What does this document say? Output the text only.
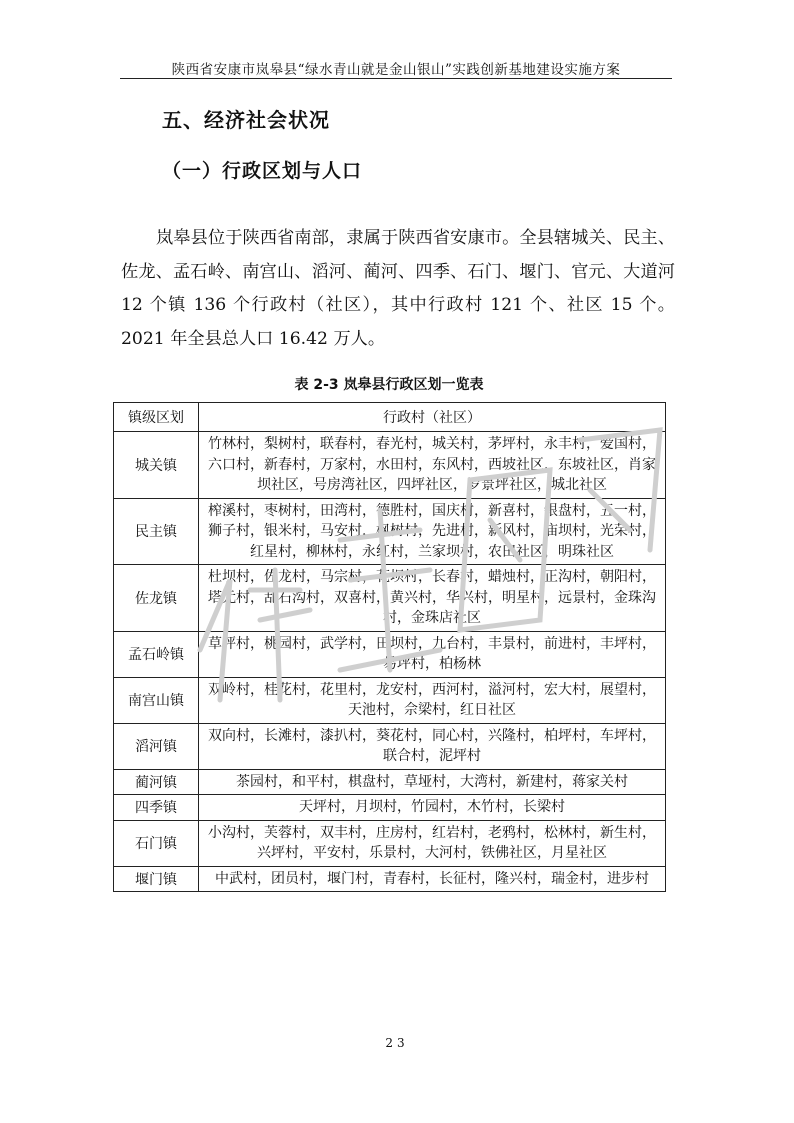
陕西省安康市岚皋县“绿水青山就是金山银山”实践创新基地建设实施方案
五、经济社会状况
（一）行政区划与人口

岚皋县位于陕西省南部，隶属于陕西省安康市。全县辖城关、民主、佐龙、孟石岭、南宫山、滔河、蔺河、四季、石门、堰门、官元、大道河 12 个镇 136 个行政村（社区），其中行政村 121 个、社区 15 个。2021 年全县总人口 16.42 万人。

表 2-3 岚皋县行政区划一览表
镇级区划	行政村（社区）
城关镇	竹林村，梨树村，联春村，春光村，城关村，茅坪村，永丰村，爱国村，六口村，新春村，万家村，水田村，东风村，西坡社区，东坡社区，肖家坝社区，号房湾社区，四坪社区，罗景坪社区，城北社区
民主镇	榨溪村，枣树村，田湾村，德胜村，国庆村，新喜村，银盘村，五一村，狮子村，银米村，马安村，枫树村，先进村，新风村，庙坝村，光荣村，红星村，柳林村，永红村，兰家坝村，农田社区，明珠社区
佐龙镇	杜坝村，佐龙村，马宗村，花坝村，长春村，蜡烛村，正沟村，朝阳村，塔元村，乱石沟村，双喜村，黄兴村，华兴村，明星村，远景村，金珠沟村，金珠店社区
孟石岭镇	草坪村，桃园村，武学村，田坝村，九台村，丰景村，前进村，丰坪村，易坪村，柏杨林
南宫山镇	双岭村，桂花村，花里村，龙安村，西河村，溢河村，宏大村，展望村，天池村，佘梁村，红日社区
滔河镇	双向村，长滩村，漆扒村，葵花村，同心村，兴隆村，柏坪村，车坪村，联合村，泥坪村
蔺河镇	茶园村，和平村，棋盘村，草垭村，大湾村，新建村，蒋家关村
四季镇	天坪村，月坝村，竹园村，木竹村，长梁村
石门镇	小沟村，芙蓉村，双丰村，庄房村，红岩村，老鸦村，松林村，新生村，兴坪村，平安村，乐景村，大河村，铁佛社区，月星社区
堰门镇	中武村，团员村，堰门村，青春村，长征村，隆兴村，瑞金村，进步村
23
